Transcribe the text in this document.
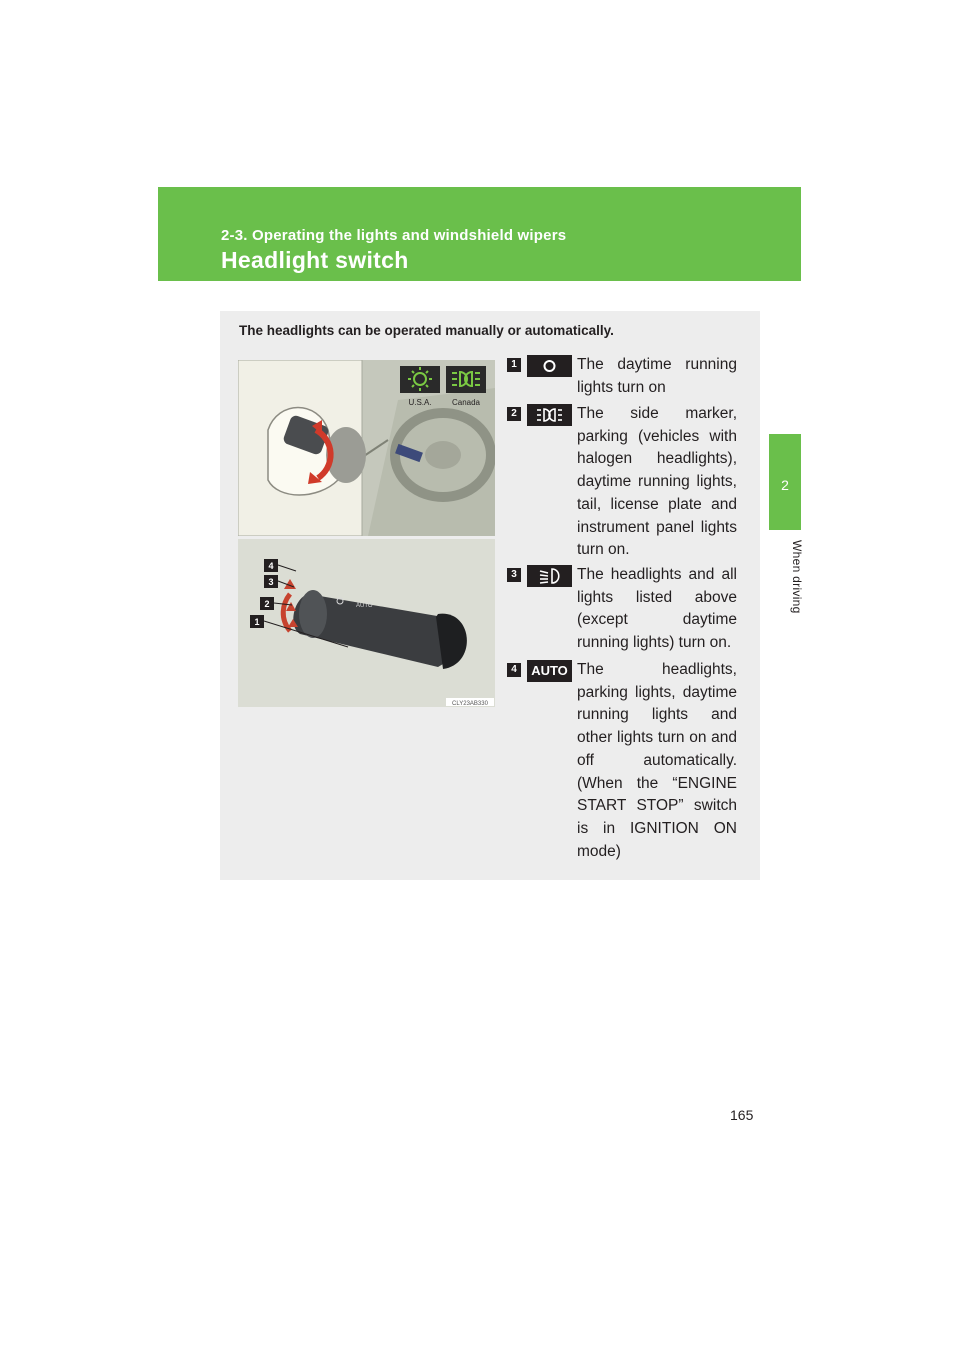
2-3. Operating the lights and windshield wipers
Headlight switch
2
When driving
The headlights can be operated manually or automatically.
U.S.A.	Canada
AUTO
4
3
2
1
CLY23AB330
1	The daytime running lights turn on
2	The side marker, parking (vehicles with halogen headlights), daytime running lights, tail, license plate and instrument panel lights turn on.
3	The headlights and all lights listed above (except daytime running lights) turn on.
4	AUTO The headlights, parking lights, daytime running lights and other lights turn on and off automatically. (When the “ENGINE START STOP” switch is in IGNITION ON mode)
165
